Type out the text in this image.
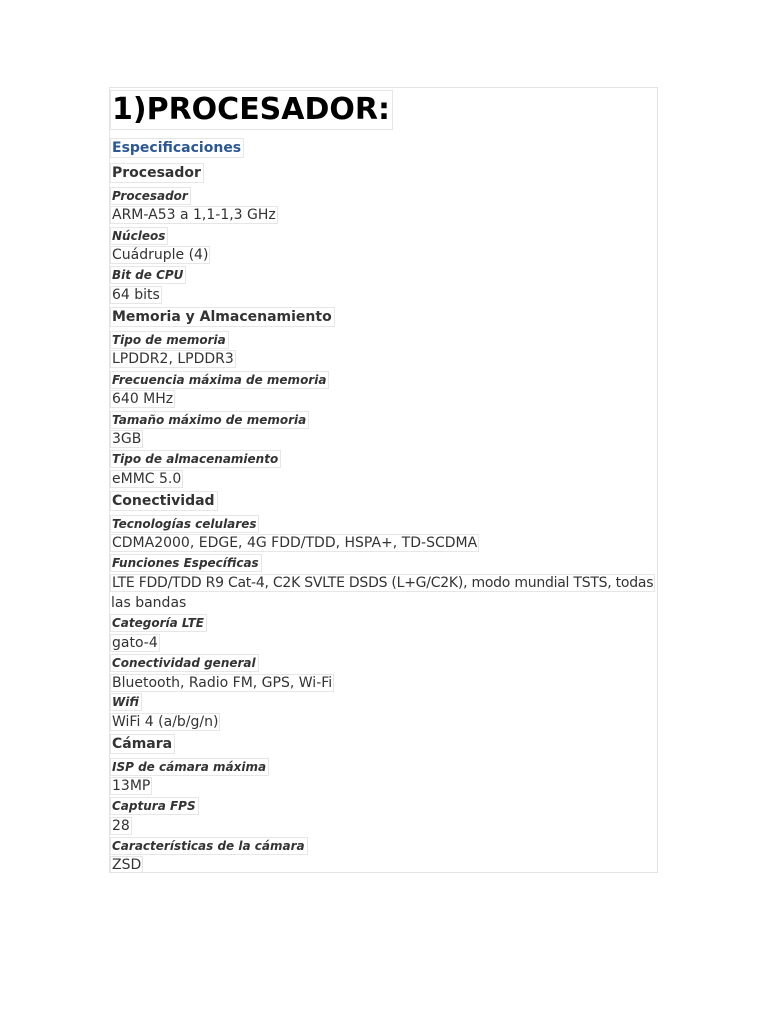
1)PROCESADOR:
Especificaciones
Procesador
Procesador
ARM-A53 a 1,1-1,3 GHz
Núcleos
Cuádruple (4)
Bit de CPU
64 bits
Memoria y Almacenamiento
Tipo de memoria
LPDDR2, LPDDR3
Frecuencia máxima de memoria
640 MHz
Tamaño máximo de memoria
3GB
Tipo de almacenamiento
eMMC 5.0
Conectividad
Tecnologías celulares
CDMA2000, EDGE, 4G FDD/TDD, HSPA+, TD-SCDMA
Funciones Específicas
LTE FDD/TDD R9 Cat-4, C2K SVLTE DSDS (L+G/C2K), modo mundial TSTS, todas
las bandas
Categoría LTE
gato-4
Conectividad general
Bluetooth, Radio FM, GPS, Wi-Fi
Wifi
WiFi 4 (a/b/g/n)
Cámara
ISP de cámara máxima
13MP
Captura FPS
28
Características de la cámara
ZSD
